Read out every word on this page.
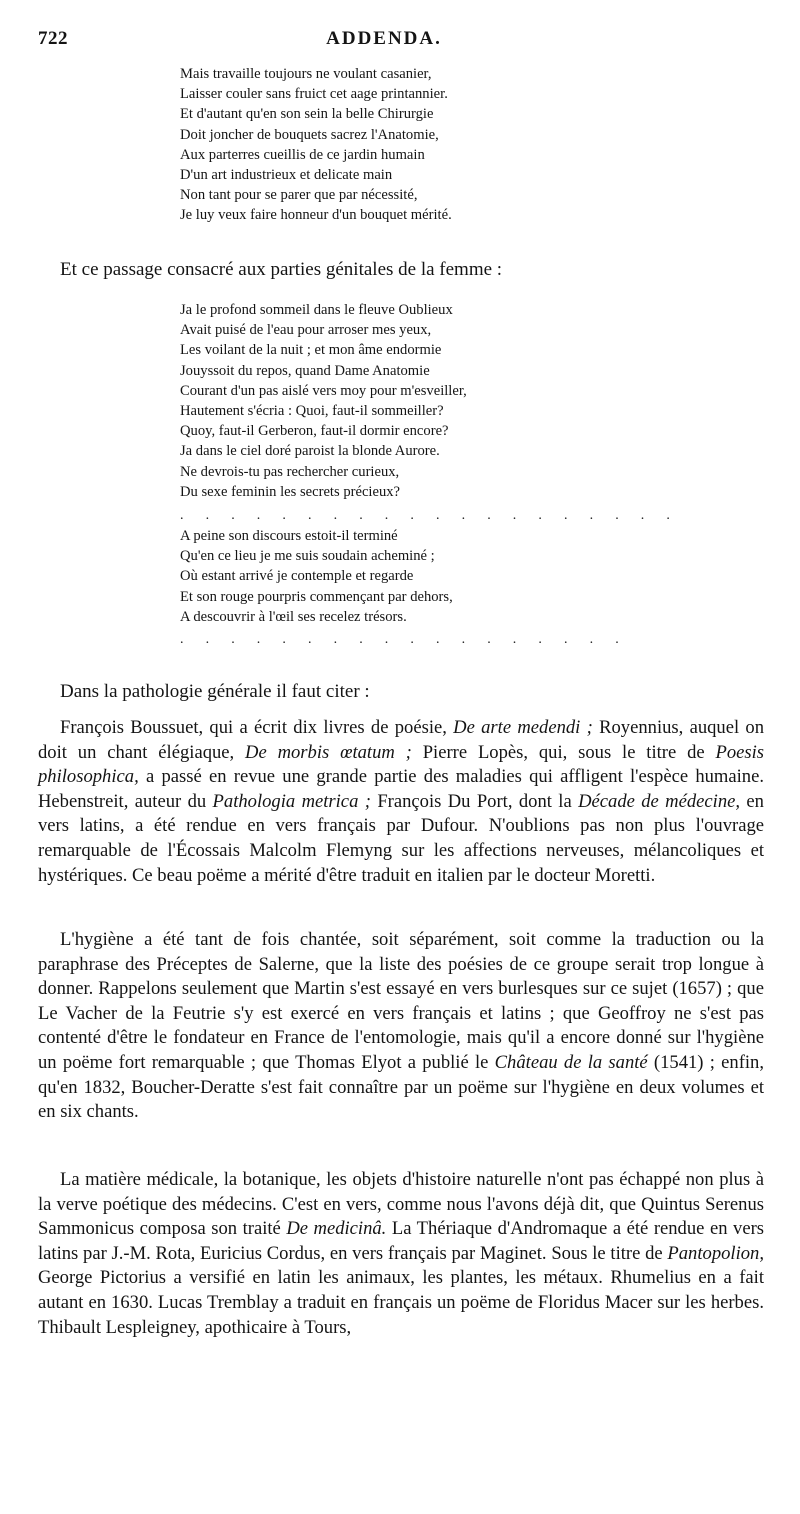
722	ADDENDA.
Mais travaille toujours ne voulant casanier,
Laisser couler sans fruict cet aage printannier.
Et d'autant qu'en son sein la belle Chirurgie
Doit joncher de bouquets sacrez l'Anatomie,
Aux parterres cueillis de ce jardin humain
D'un art industrieux et delicate main
Non tant pour se parer que par nécessité,
Je luy veux faire honneur d'un bouquet mérité.
Et ce passage consacré aux parties génitales de la femme :
Ja le profond sommeil dans le fleuve Oublieux
Avait puisé de l'eau pour arroser mes yeux,
Les voilant de la nuit ; et mon âme endormie
Jouyssoit du repos, quand Dame Anatomie
Courant d'un pas aislé vers moy pour m'esveiller,
Hautement s'écria : Quoi, faut-il sommeiller?
Quoy, faut-il Gerberon, faut-il dormir encore?
Ja dans le ciel doré paroist la blonde Aurore.
Ne devrois-tu pas rechercher curieux,
Du sexe feminin les secrets précieux?
. . . . . . . . . . . . . . . . . . . .
A peine son discours estoit-il terminé
Qu'en ce lieu je me suis soudain acheminé ;
Où estant arrivé je contemple et regarde
Et son rouge pourpris commençant par dehors,
A descouvrir à l'œil ses recelez trésors.
. . . . . . . . . . . . . . . . . .
Dans la pathologie générale il faut citer :

François Boussuet, qui a écrit dix livres de poésie, De arte medendi ; Royennius, auquel on doit un chant élégiaque, De morbis œtatum ; Pierre Lopès, qui, sous le titre de Poesis philosophica, a passé en revue une grande partie des maladies qui affligent l'espèce humaine. Hebenstreit, auteur du Pathologia metrica ; François Du Port, dont la Décade de médecine, en vers latins, a été rendue en vers français par Dufour. N'oublions pas non plus l'ouvrage remarquable de l'Écossais Malcolm Flemyng sur les affections nerveuses, mélancoliques et hystériques. Ce beau poëme a mérité d'être traduit en italien par le docteur Moretti.

L'hygiène a été tant de fois chantée, soit séparément, soit comme la traduction ou la paraphrase des Préceptes de Salerne, que la liste des poésies de ce groupe serait trop longue à donner. Rappelons seulement que Martin s'est essayé en vers burlesques sur ce sujet (1657) ; que Le Vacher de la Feutrie s'y est exercé en vers français et latins ; que Geoffroy ne s'est pas contenté d'être le fondateur en France de l'entomologie, mais qu'il a encore donné sur l'hygiène un poëme fort remarquable ; que Thomas Elyot a publié le Château de la santé (1541) ; enfin, qu'en 1832, Boucher-Deratte s'est fait connaître par un poëme sur l'hygiène en deux volumes et en six chants.

La matière médicale, la botanique, les objets d'histoire naturelle n'ont pas échappé non plus à la verve poétique des médecins. C'est en vers, comme nous l'avons déjà dit, que Quintus Serenus Sammonicus composa son traité De medicinâ. La Thériaque d'Andromaque a été rendue en vers latins par J.-M. Rota, Euricius Cordus, en vers français par Maginet. Sous le titre de Pantopolion, George Pictorius a versifié en latin les animaux, les plantes, les métaux. Rhumelius en a fait autant en 1630. Lucas Tremblay a traduit en français un poëme de Floridus Macer sur les herbes. Thibault Lespleigney, apothicaire à Tours,
